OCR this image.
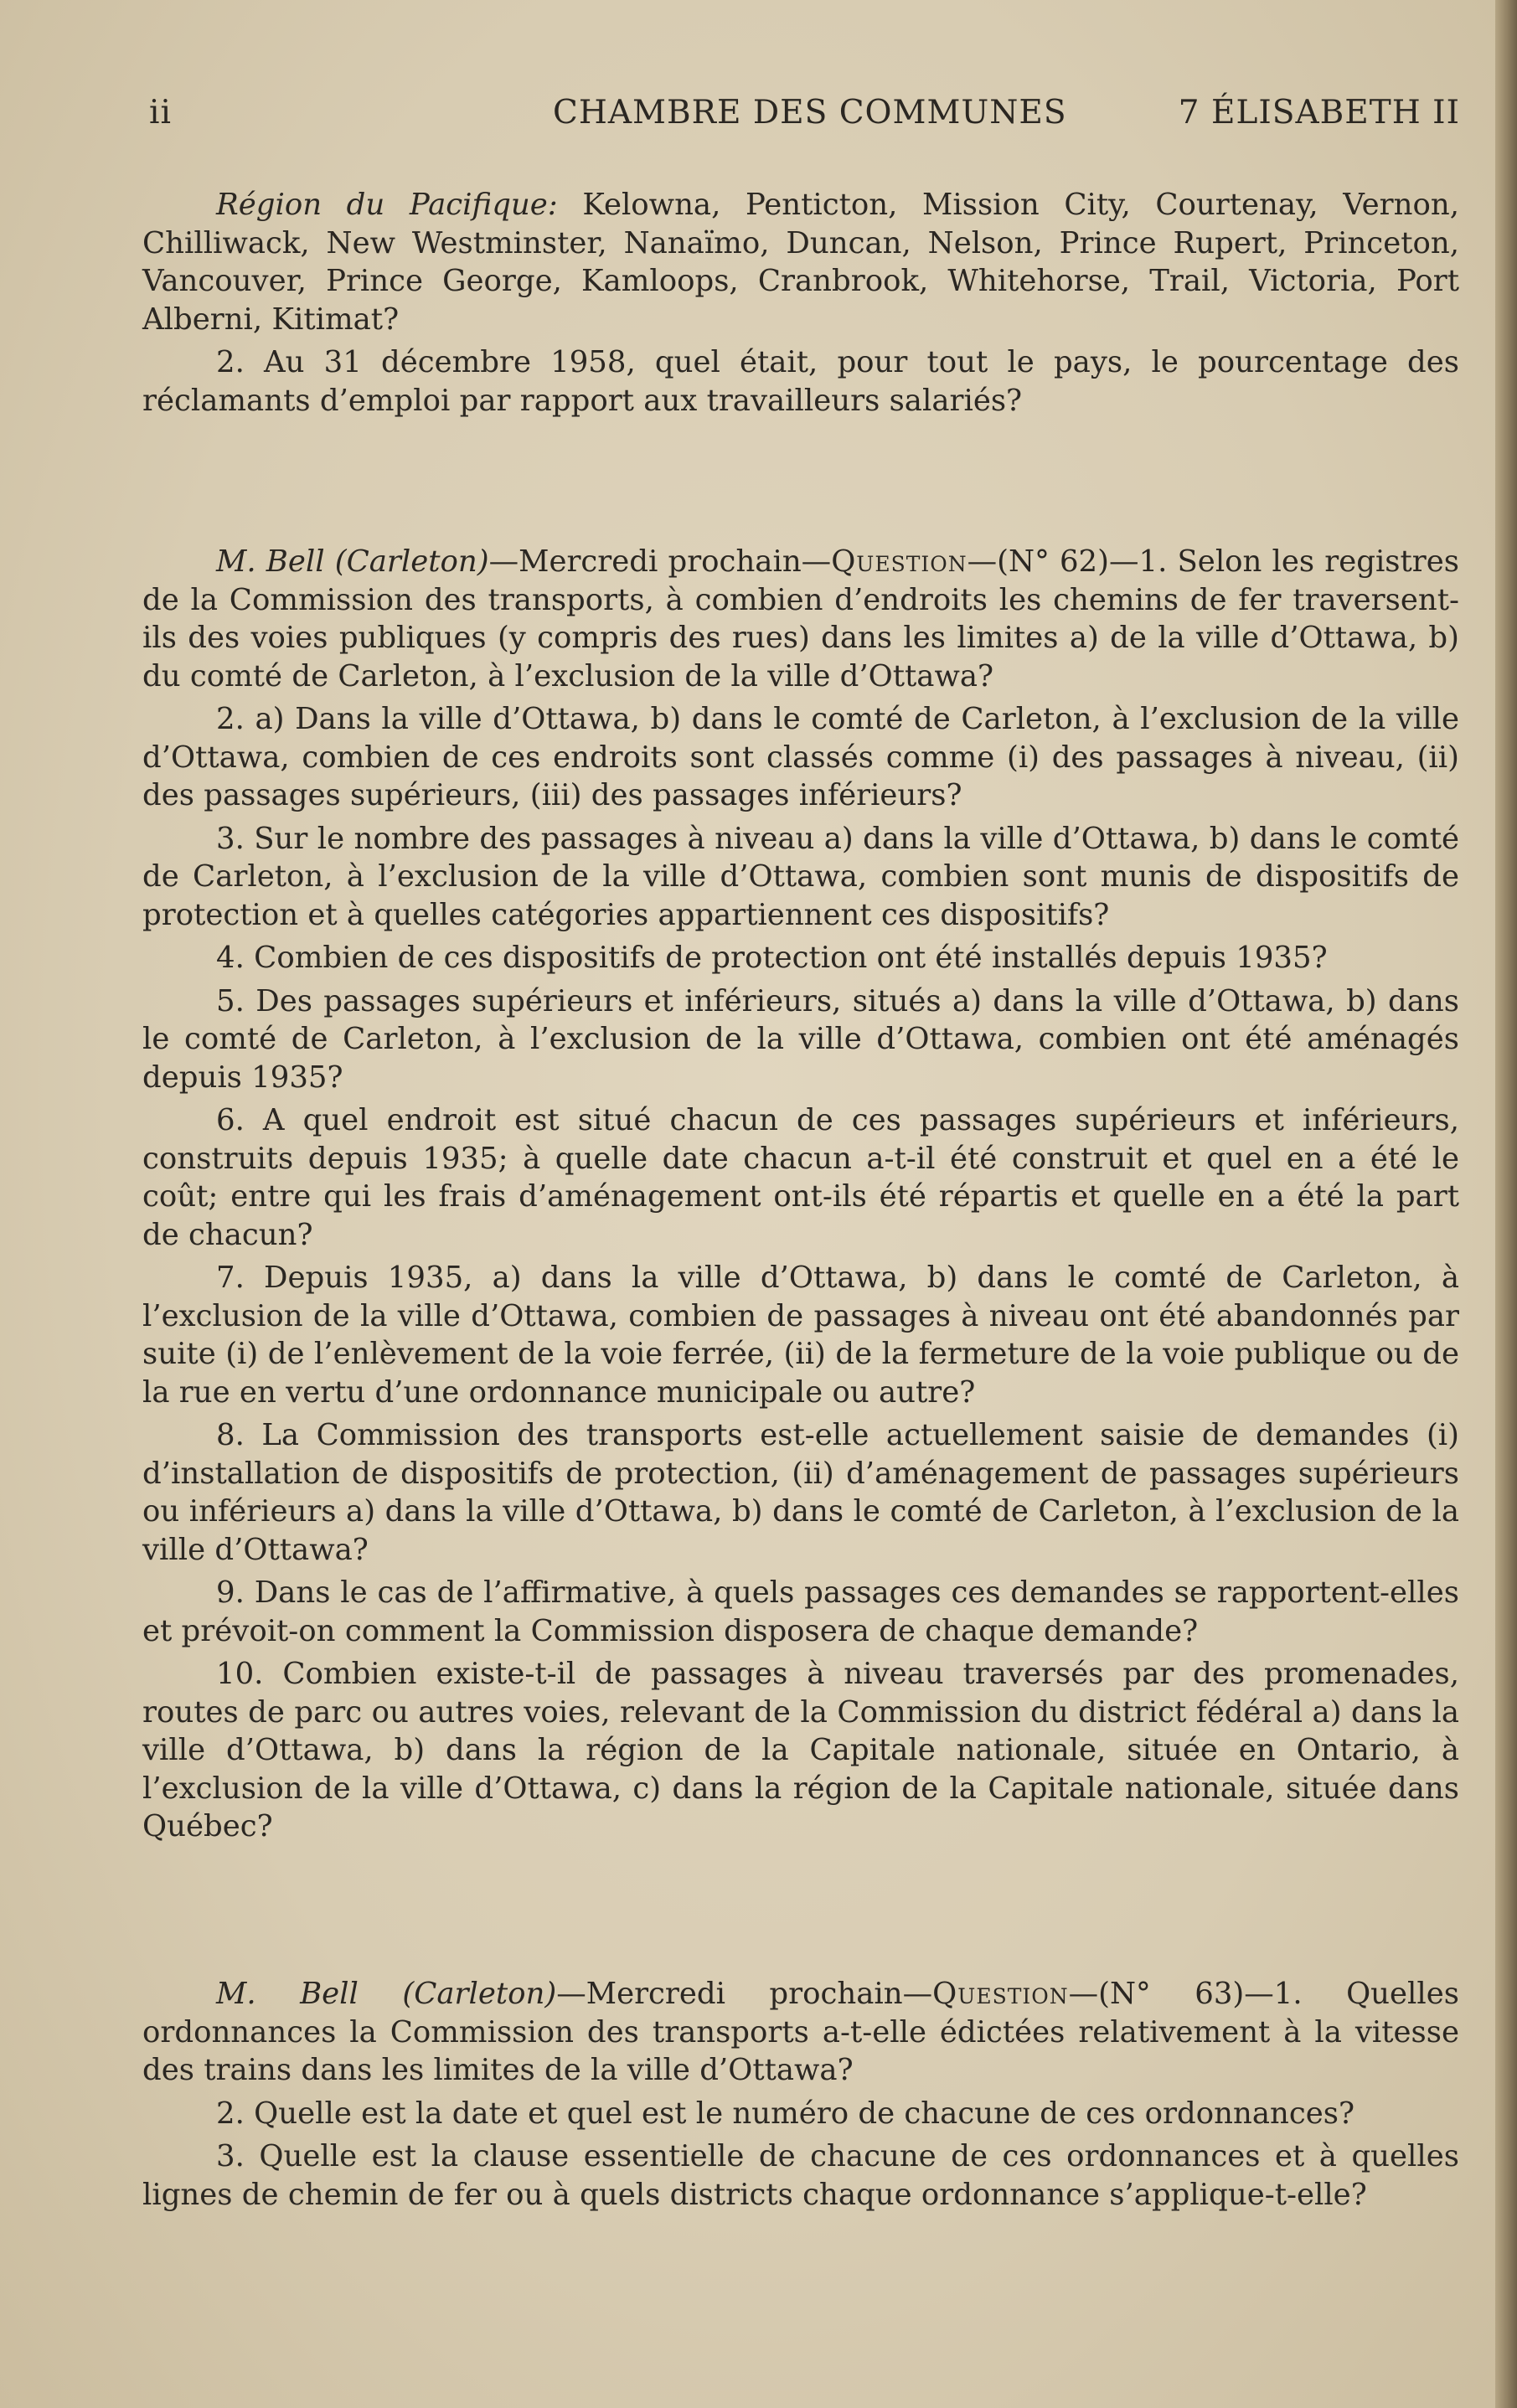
ii	CHAMBRE DES COMMUNES	7 ÉLISABETH II

Région du Pacifique: Kelowna, Penticton, Mission City, Courtenay, Vernon, Chilliwack, New Westminster, Nanaïmo, Duncan, Nelson, Prince Rupert, Princeton, Vancouver, Prince George, Kamloops, Cranbrook, Whitehorse, Trail, Victoria, Port Alberni, Kitimat?

2. Au 31 décembre 1958, quel était, pour tout le pays, le pourcentage des réclamants d’emploi par rapport aux travailleurs salariés?

M. Bell (Carleton)—Mercredi prochain—Question—(N° 62)—1. Selon les registres de la Commission des transports, à combien d’endroits les chemins de fer traversent-ils des voies publiques (y compris des rues) dans les limites a) de la ville d’Ottawa, b) du comté de Carleton, à l’exclusion de la ville d’Ottawa?

2. a) Dans la ville d’Ottawa, b) dans le comté de Carleton, à l’exclusion de la ville d’Ottawa, combien de ces endroits sont classés comme (i) des passages à niveau, (ii) des passages supérieurs, (iii) des passages inférieurs?

3. Sur le nombre des passages à niveau a) dans la ville d’Ottawa, b) dans le comté de Carleton, à l’exclusion de la ville d’Ottawa, combien sont munis de dispositifs de protection et à quelles catégories appartiennent ces dispositifs?

4. Combien de ces dispositifs de protection ont été installés depuis 1935?

5. Des passages supérieurs et inférieurs, situés a) dans la ville d’Ottawa, b) dans le comté de Carleton, à l’exclusion de la ville d’Ottawa, combien ont été aménagés depuis 1935?

6. A quel endroit est situé chacun de ces passages supérieurs et inférieurs, construits depuis 1935; à quelle date chacun a-t-il été construit et quel en a été le coût; entre qui les frais d’aménagement ont-ils été répartis et quelle en a été la part de chacun?

7. Depuis 1935, a) dans la ville d’Ottawa, b) dans le comté de Carleton, à l’exclusion de la ville d’Ottawa, combien de passages à niveau ont été abandonnés par suite (i) de l’enlèvement de la voie ferrée, (ii) de la fermeture de la voie publique ou de la rue en vertu d’une ordonnance municipale ou autre?

8. La Commission des transports est-elle actuellement saisie de demandes (i) d’installation de dispositifs de protection, (ii) d’aménagement de passages supérieurs ou inférieurs a) dans la ville d’Ottawa, b) dans le comté de Carleton, à l’exclusion de la ville d’Ottawa?

9. Dans le cas de l’affirmative, à quels passages ces demandes se rapportent-elles et prévoit-on comment la Commission disposera de chaque demande?

10. Combien existe-t-il de passages à niveau traversés par des promenades, routes de parc ou autres voies, relevant de la Commission du district fédéral a) dans la ville d’Ottawa, b) dans la région de la Capitale nationale, située en Ontario, à l’exclusion de la ville d’Ottawa, c) dans la région de la Capitale nationale, située dans Québec?

M. Bell (Carleton)—Mercredi prochain—Question—(N° 63)—1. Quelles ordonnances la Commission des transports a-t-elle édictées relativement à la vitesse des trains dans les limites de la ville d’Ottawa?

2. Quelle est la date et quel est le numéro de chacune de ces ordonnances?

3. Quelle est la clause essentielle de chacune de ces ordonnances et à quelles lignes de chemin de fer ou à quels districts chaque ordonnance s’applique-t-elle?
